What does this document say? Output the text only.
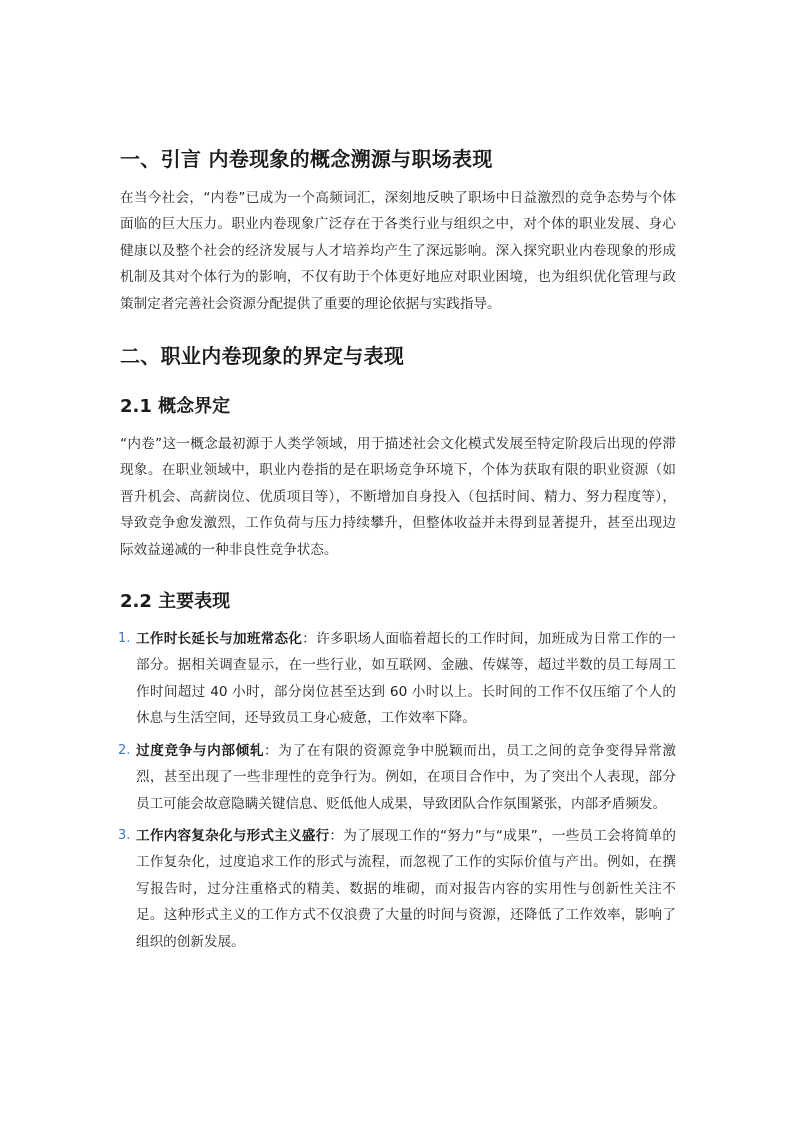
一、引言 内卷现象的概念溯源与职场表现

在当今社会，“内卷”已成为一个高频词汇，深刻地反映了职场中日益激烈的竞争态势与个体面临的巨大压力。职业内卷现象广泛存在于各类行业与组织之中，对个体的职业发展、身心健康以及整个社会的经济发展与人才培养均产生了深远影响。深入探究职业内卷现象的形成机制及其对个体行为的影响，不仅有助于个体更好地应对职业困境，也为组织优化管理与政策制定者完善社会资源分配提供了重要的理论依据与实践指导。

二、职业内卷现象的界定与表现
2.1 概念界定

“内卷”这一概念最初源于人类学领域，用于描述社会文化模式发展至特定阶段后出现的停滞现象。在职业领域中，职业内卷指的是在职场竞争环境下，个体为获取有限的职业资源（如晋升机会、高薪岗位、优质项目等），不断增加自身投入（包括时间、精力、努力程度等），导致竞争愈发激烈，工作负荷与压力持续攀升，但整体收益并未得到显著提升，甚至出现边际效益递减的一种非良性竞争状态。

2.2 主要表现
1. 工作时长延长与加班常态化：许多职场人面临着超长的工作时间，加班成为日常工作的一部分。据相关调查显示，在一些行业，如互联网、金融、传媒等，超过半数的员工每周工作时间超过 40 小时，部分岗位甚至达到 60 小时以上。长时间的工作不仅压缩了个人的休息与生活空间，还导致员工身心疲惫，工作效率下降。
2. 过度竞争与内部倾轧：为了在有限的资源竞争中脱颖而出，员工之间的竞争变得异常激烈，甚至出现了一些非理性的竞争行为。例如，在项目合作中，为了突出个人表现，部分员工可能会故意隐瞒关键信息、贬低他人成果，导致团队合作氛围紧张，内部矛盾频发。
3. 工作内容复杂化与形式主义盛行：为了展现工作的“努力”与“成果”，一些员工会将简单的工作复杂化，过度追求工作的形式与流程，而忽视了工作的实际价值与产出。例如，在撰写报告时，过分注重格式的精美、数据的堆砌，而对报告内容的实用性与创新性关注不足。这种形式主义的工作方式不仅浪费了大量的时间与资源，还降低了工作效率，影响了组织的创新发展。
